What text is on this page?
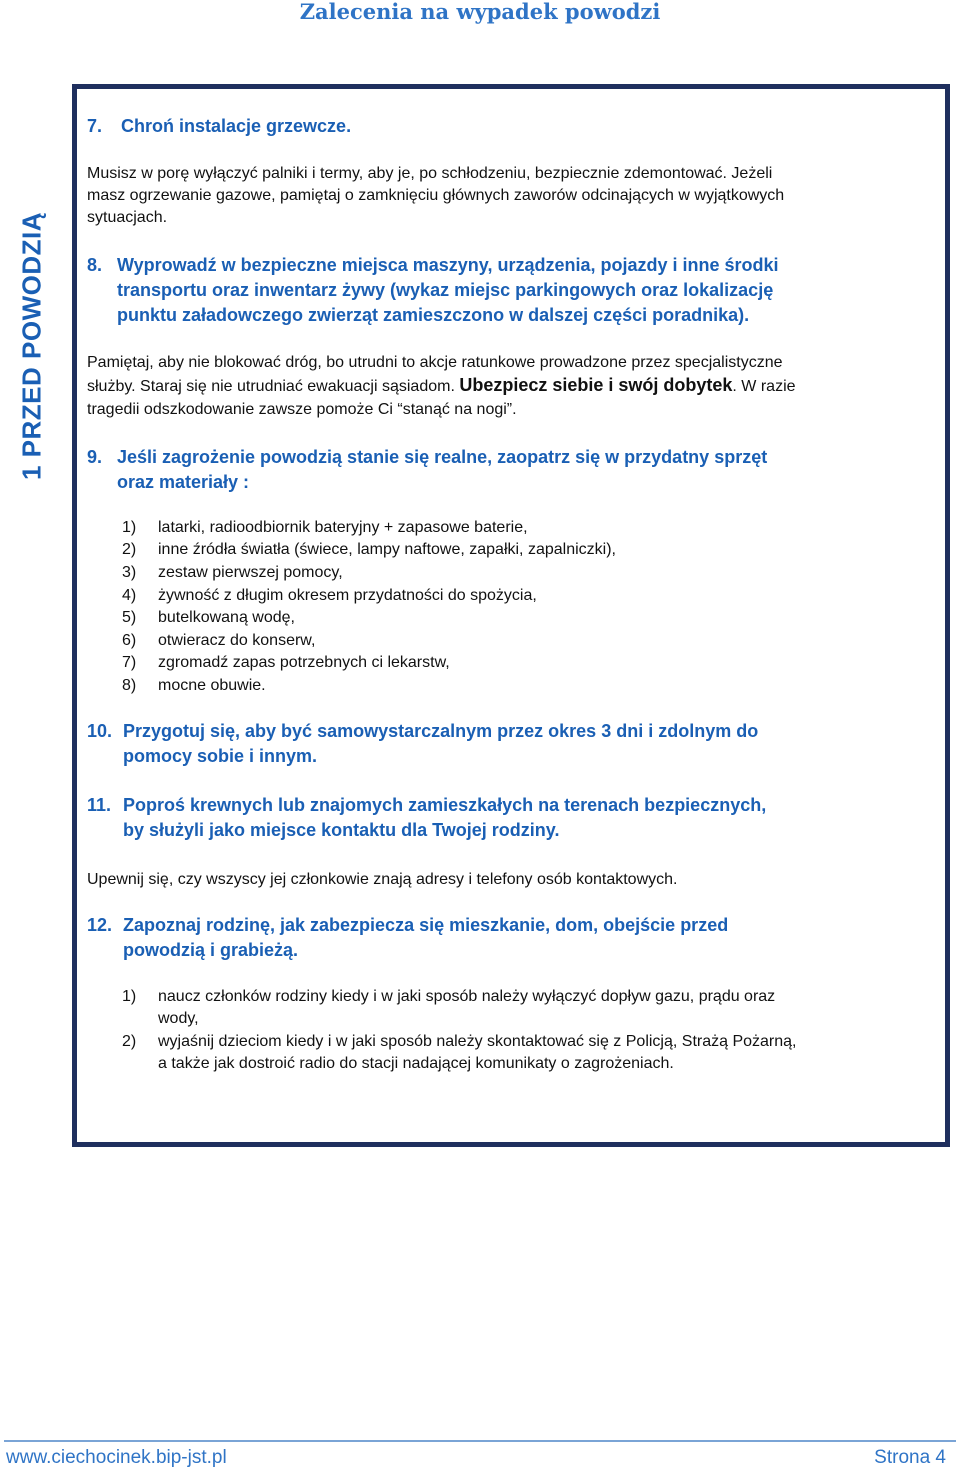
Zalecenia na wypadek powodzi
1 PRZED POWODZIĄ
7. Chroń instalacje grzewcze.
Musisz w porę wyłączyć palniki i termy, aby je, po schłodzeniu, bezpiecznie zdemontować. Jeżeli
masz ogrzewanie gazowe, pamiętaj o zamknięciu głównych zaworów odcinających w wyjątkowych
sytuacjach.
8. Wyprowadź w bezpieczne miejsca maszyny, urządzenia, pojazdy i inne środki
transportu oraz inwentarz żywy (wykaz miejsc parkingowych oraz lokalizację
punktu załadowczego zwierząt zamieszczono w dalszej części poradnika).
Pamiętaj, aby nie blokować dróg, bo utrudni to akcje ratunkowe prowadzone przez specjalistyczne
służby. Staraj się nie utrudniać ewakuacji sąsiadom. Ubezpiecz siebie i swój dobytek. W razie
tragedii odszkodowanie zawsze pomoże Ci “stanąć na nogi”.
9. Jeśli zagrożenie powodzią stanie się realne, zaopatrz się w przydatny sprzęt
oraz materiały :
1) latarki, radioodbiornik bateryjny + zapasowe baterie,
2) inne źródła światła (świece, lampy naftowe, zapałki, zapalniczki),
3) zestaw pierwszej pomocy,
4) żywność z długim okresem przydatności do spożycia,
5) butelkowaną wodę,
6) otwieracz do konserw,
7) zgromadź zapas potrzebnych ci lekarstw,
8) mocne obuwie.
10. Przygotuj się, aby być samowystarczalnym przez okres 3 dni i zdolnym do
pomocy sobie i innym.
11. Poproś krewnych lub znajomych zamieszkałych na terenach bezpiecznych,
by służyli jako miejsce kontaktu dla Twojej rodziny.
Upewnij się, czy wszyscy jej członkowie znają adresy i telefony osób kontaktowych.
12. Zapoznaj rodzinę, jak zabezpiecza się mieszkanie, dom, obejście przed
powodzią i grabieżą.
1) naucz członków rodziny kiedy i w jaki sposób należy wyłączyć dopływ gazu, prądu oraz
wody,
2) wyjaśnij dzieciom kiedy i w jaki sposób należy skontaktować się z Policją, Strażą Pożarną,
a także jak dostroić radio do stacji nadającej komunikaty o zagrożeniach.
www.ciechocinek.bip-jst.pl	Strona 4
